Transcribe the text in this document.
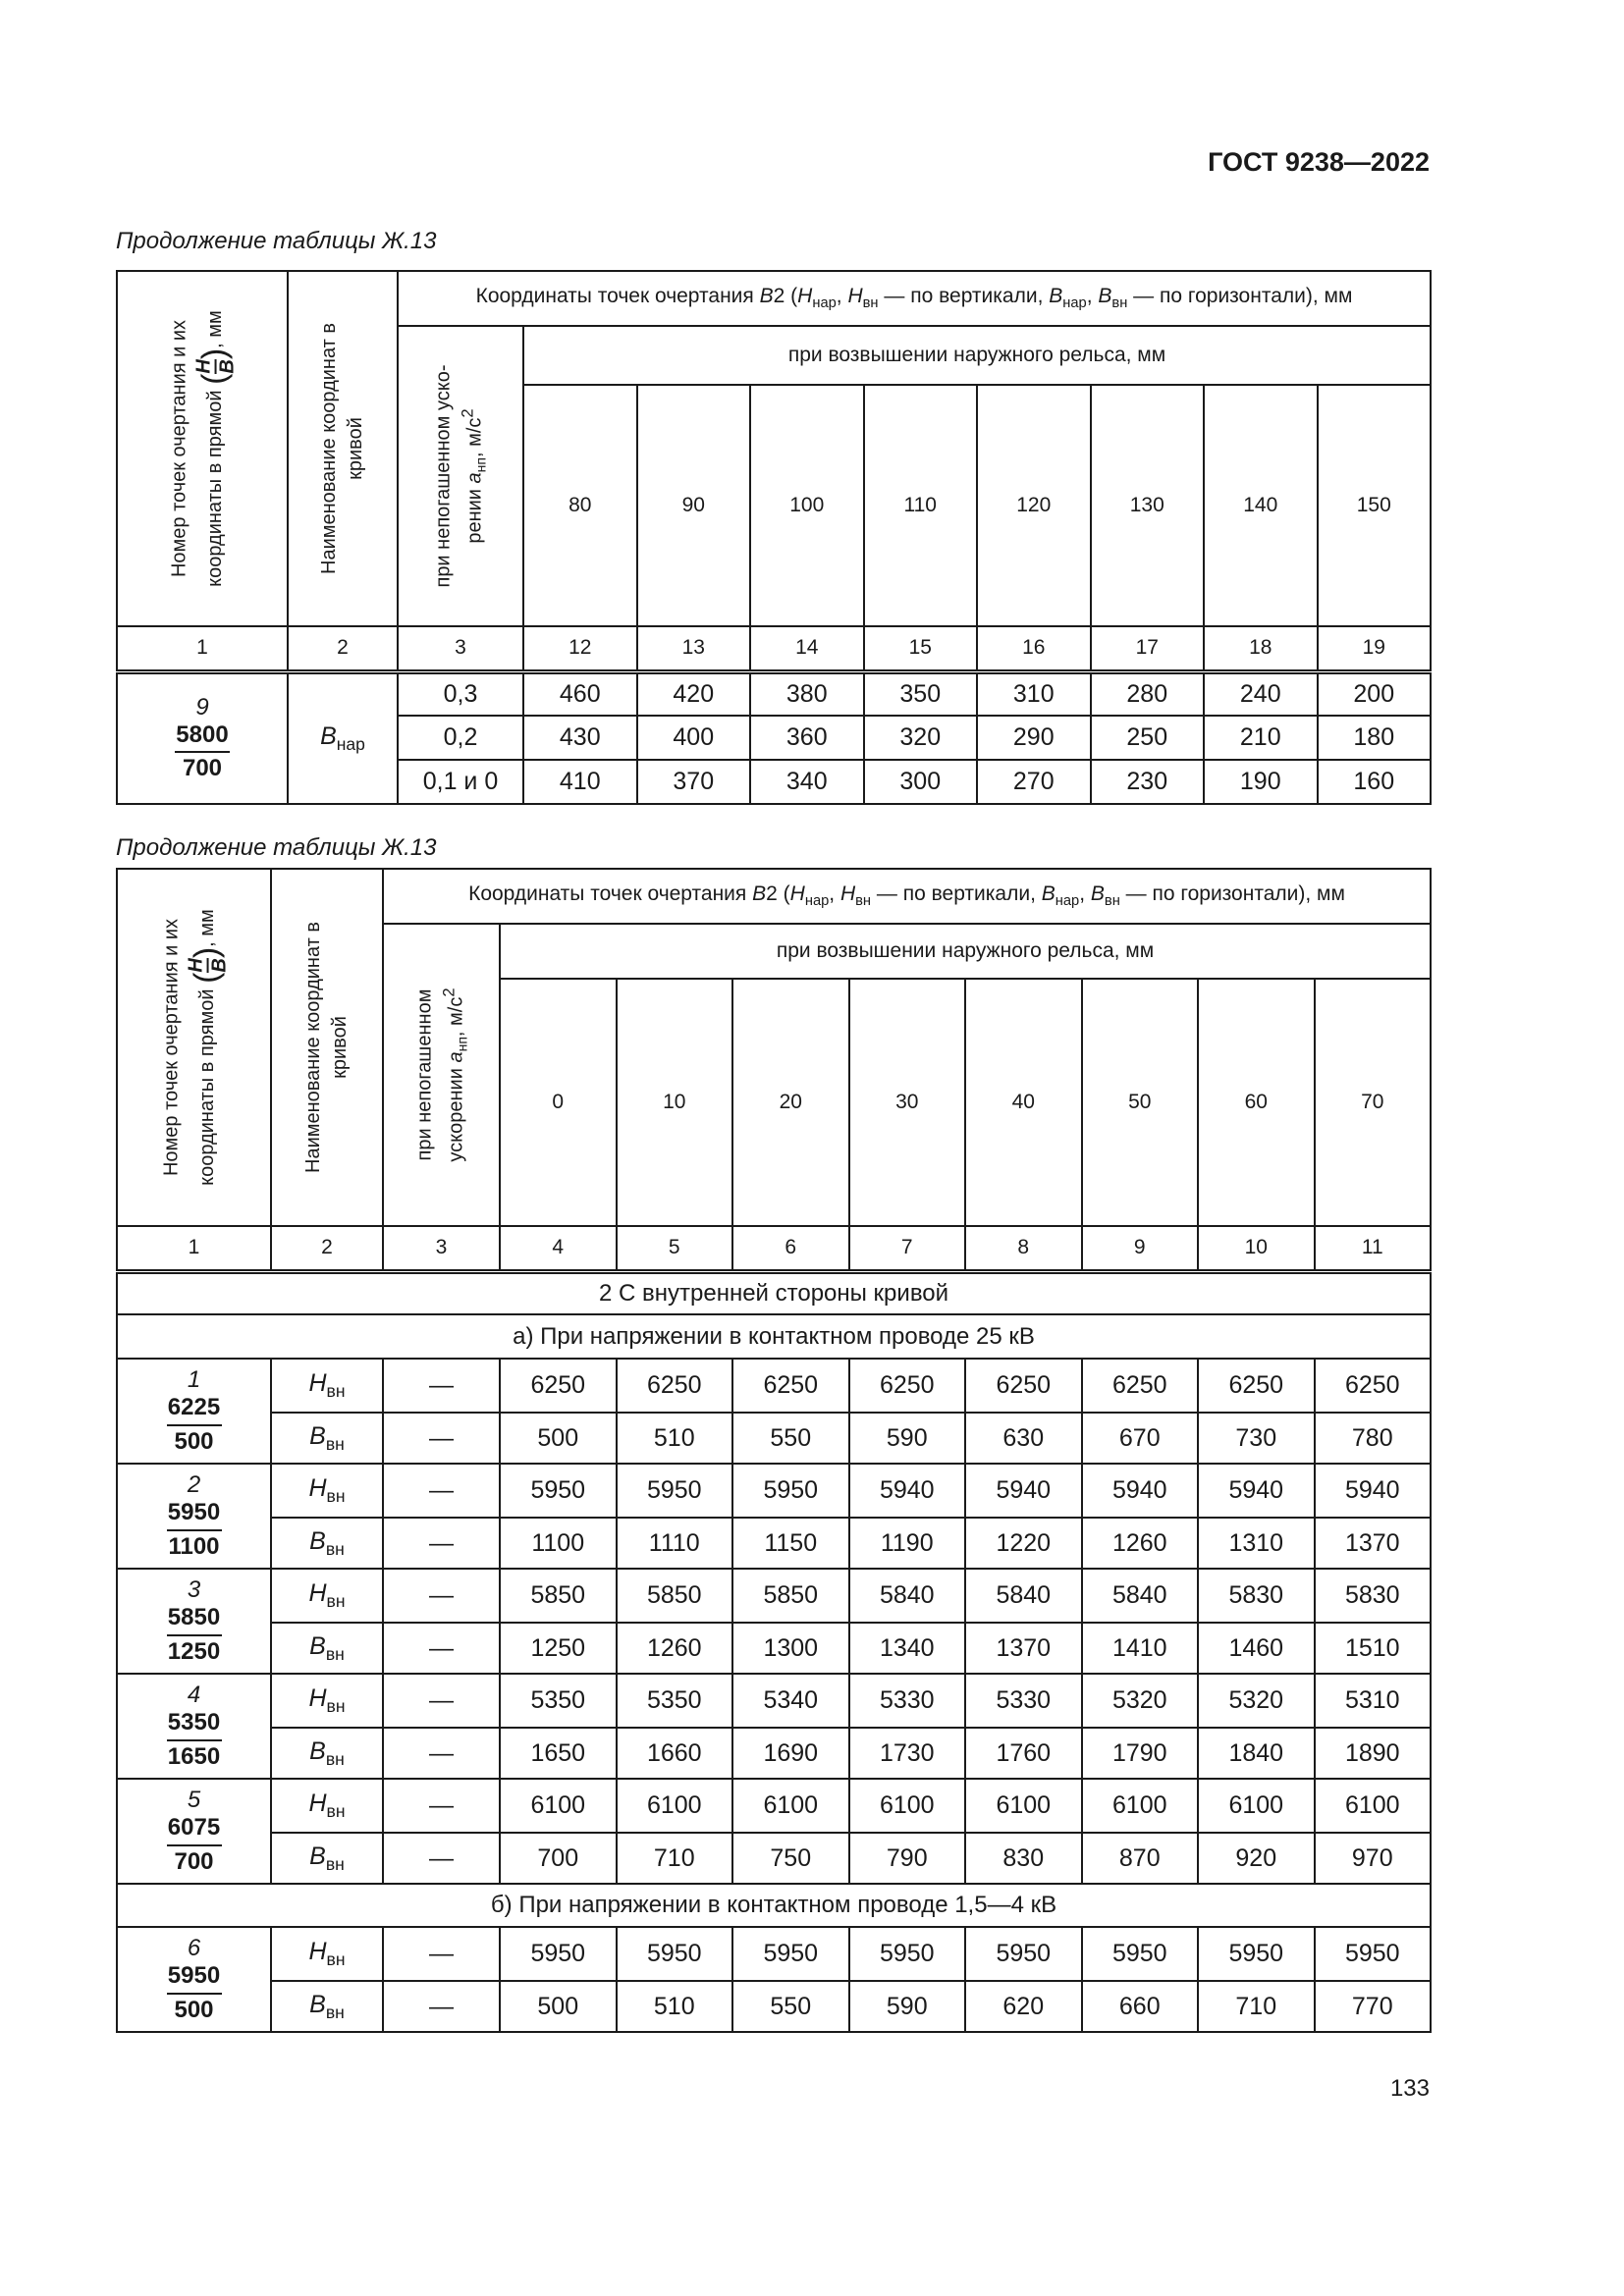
ГОСТ 9238—2022
Продолжение таблицы Ж.13
Номер точек очертания и их координаты в прямой (
H B
), мм	Наименование координат в кривой	Координаты точек очертания B2 ($H_{нар}$, $H_{вн}$ — по вертикали, $B_{нар}$, $B_{вн}$ — по горизонтали), мм								

		при непогашенном уско- рении $a_{нп}$, $м/с^2$	при возвышении наружного рельса, мм							
			80	90	100	110	120	130	140	150
1	2	3	12	13	14	15	16	17	18	19

9
5800
700	$B_{нар}$	0,3	460	420	380	350	310	280	240	200
		0,2	430	400	360	320	290	250	210	180
		0,1 и 0	410	370	340	300	270	230	190	160
Продолжение таблицы Ж.13
Номер точек очертания и их координаты в прямой (
H B
), мм	Наименование координат в кривой	Координаты точек очертания B2 ($H_{нар}$, $H_{вн}$ — по вертикали, $B_{нар}$, $B_{вн}$ — по горизонтали), мм								

		при непогашенном ускорении $a_{нп}$, $м/с^2$	при возвышении наружного рельса, мм							
			0	10	20	30	40	50	60	70
1	2	3	4	5	6	7	8	9	10	11
2 С внутренней стороны кривой										
а) При напряжении в контактном проводе 25 кВ										

1
6225
500	$H_{вн}$	—	6250	6250	6250	6250	6250	6250	6250	6250
	$B_{вн}$	—	500	510	550	590	630	670	730	780

2
5950
1100	$H_{вн}$	—	5950	5950	5950	5940	5940	5940	5940	5940
	$B_{вн}$	—	1100	1110	1150	1190	1220	1260	1310	1370

3
5850
1250	$H_{вн}$	—	5850	5850	5850	5840	5840	5840	5830	5830
	$B_{вн}$	—	1250	1260	1300	1340	1370	1410	1460	1510

4
5350
1650	$H_{вн}$	—	5350	5350	5340	5330	5330	5320	5320	5310
	$B_{вн}$	—	1650	1660	1690	1730	1760	1790	1840	1890

5
6075
700	$H_{вн}$	—	6100	6100	6100	6100	6100	6100	6100	6100
	$B_{вн}$	—	700	710	750	790	830	870	920	970
б) При напряжении в контактном проводе 1,5—4 кВ										

6
5950
500	$H_{вн}$	—	5950	5950	5950	5950	5950	5950	5950	5950
	$B_{вн}$	—	500	510	550	590	620	660	710	770
133
